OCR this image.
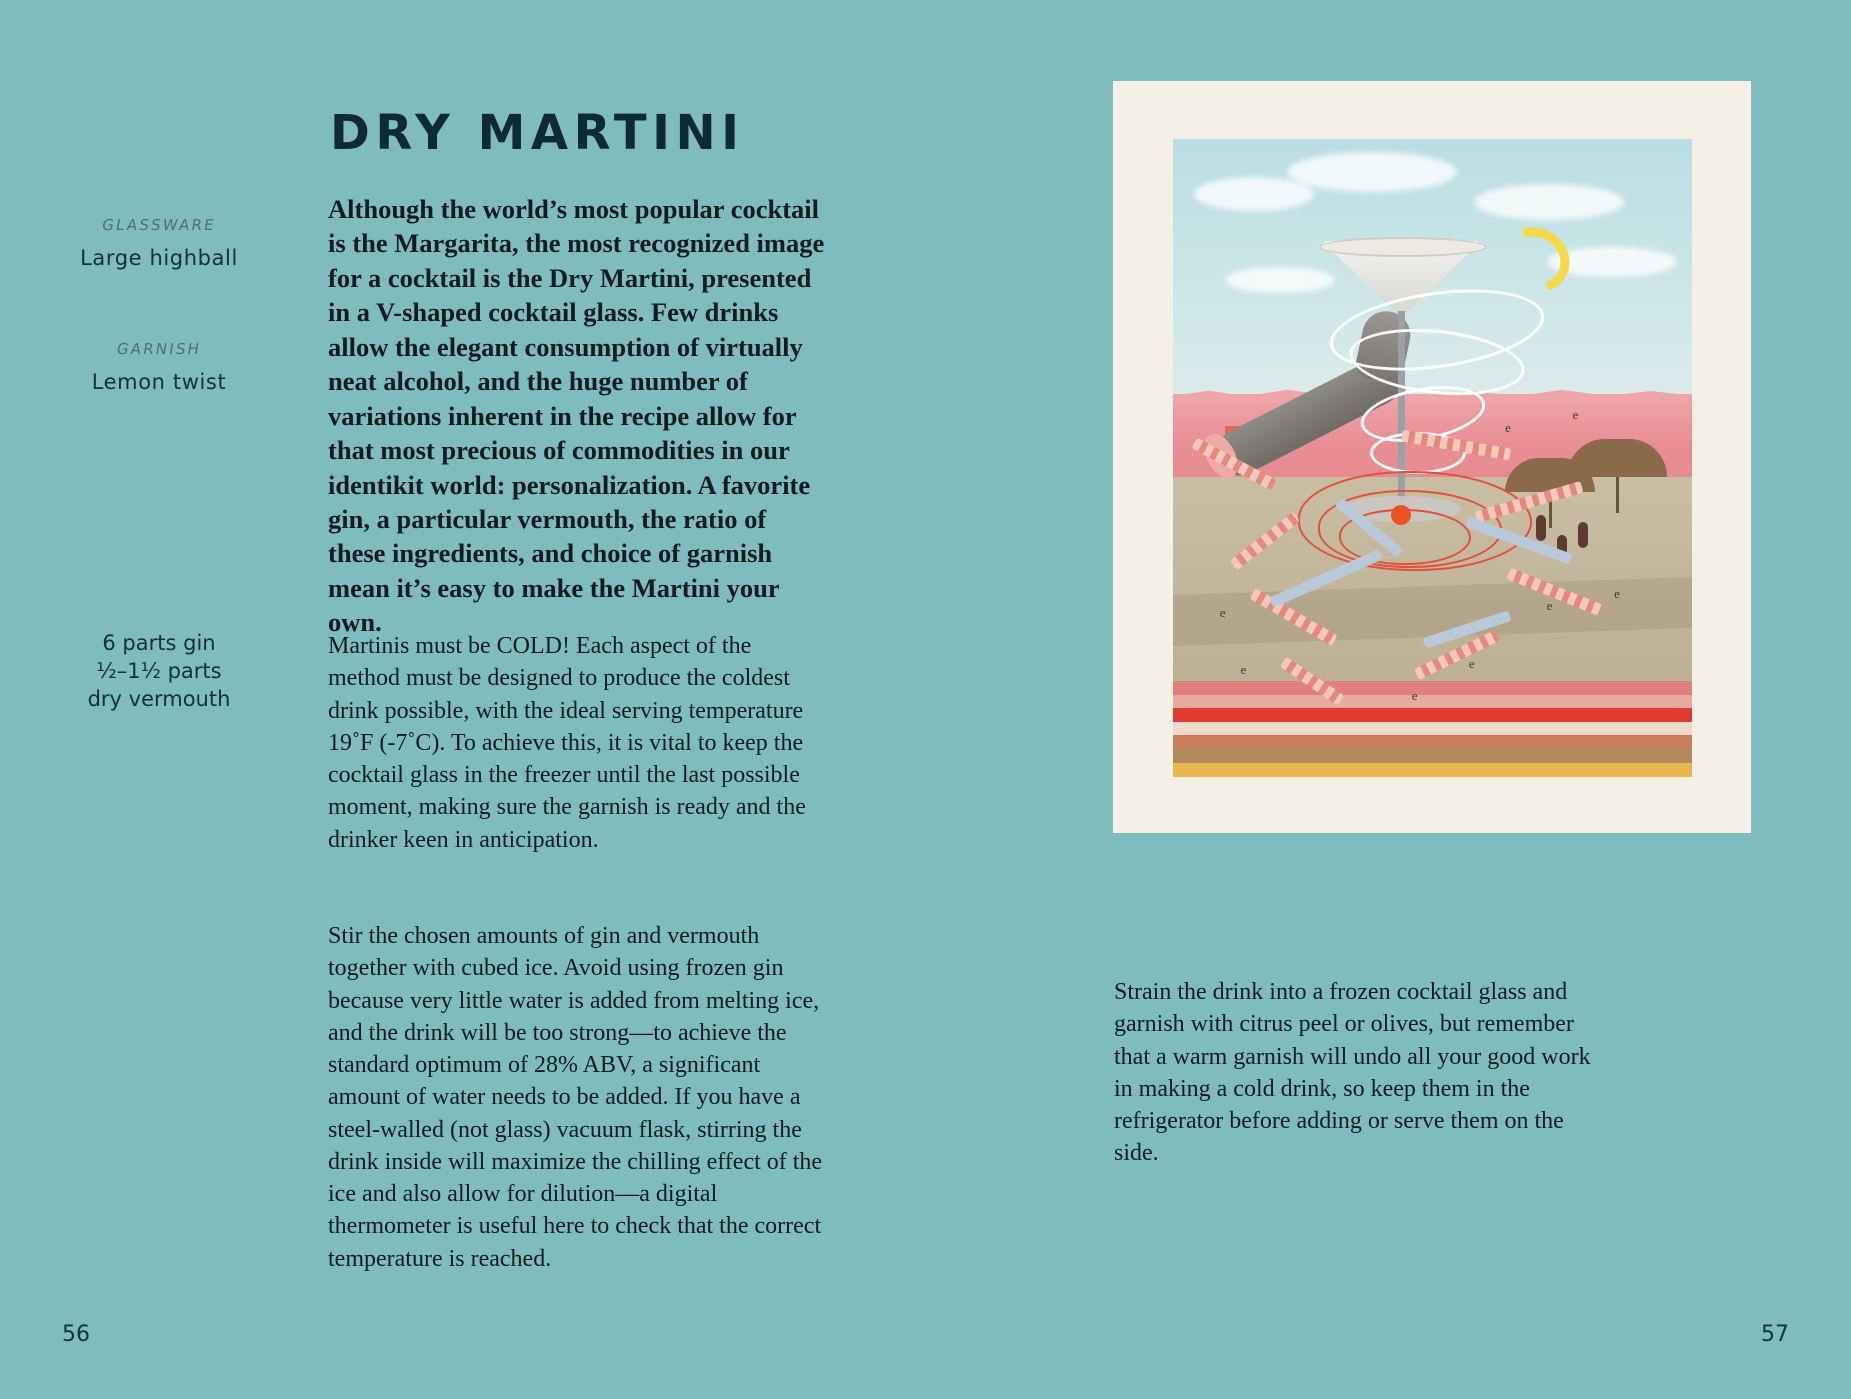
GLASSWARE
Large highball
GARNISH
Lemon twist
6 parts gin
½–1½ parts
dry vermouth
DRY MARTINI

Although the world’s most popular cocktail is the Margarita, the most recognized image for a cocktail is the Dry Martini, presented in a V-shaped cocktail glass. Few drinks allow the elegant consumption of virtually neat alcohol, and the huge number of variations inherent in the recipe allow for that most precious of commodities in our identikit world: personalization. A favorite gin, a particular vermouth, the ratio of these ingredients, and choice of garnish mean it’s easy to make the Martini your own.

Martinis must be COLD! Each aspect of the method must be designed to produce the coldest drink possible, with the ideal serving temperature 19˚F (-7˚C). To achieve this, it is vital to keep the cocktail glass in the freezer until the last possible moment, making sure the garnish is ready and the drinker keen in anticipation.

Stir the chosen amounts of gin and vermouth together with cubed ice. Avoid using frozen gin because very little water is added from melting ice, and the drink will be too strong—to achieve the standard optimum of 28% ABV, a significant amount of water needs to be added. If you have a steel-walled (not glass) vacuum flask, stirring the drink inside will maximize the chilling effect of the ice and also allow for dilution—a digital thermometer is useful here to check that the correct temperature is reached.

56
e
e
e
e
e
e
e
e

Strain the drink into a frozen cocktail glass and garnish with citrus peel or olives, but remember that a warm garnish will undo all your good work in making a cold drink, so keep them in the refrigerator before adding or serve them on the side.

57
